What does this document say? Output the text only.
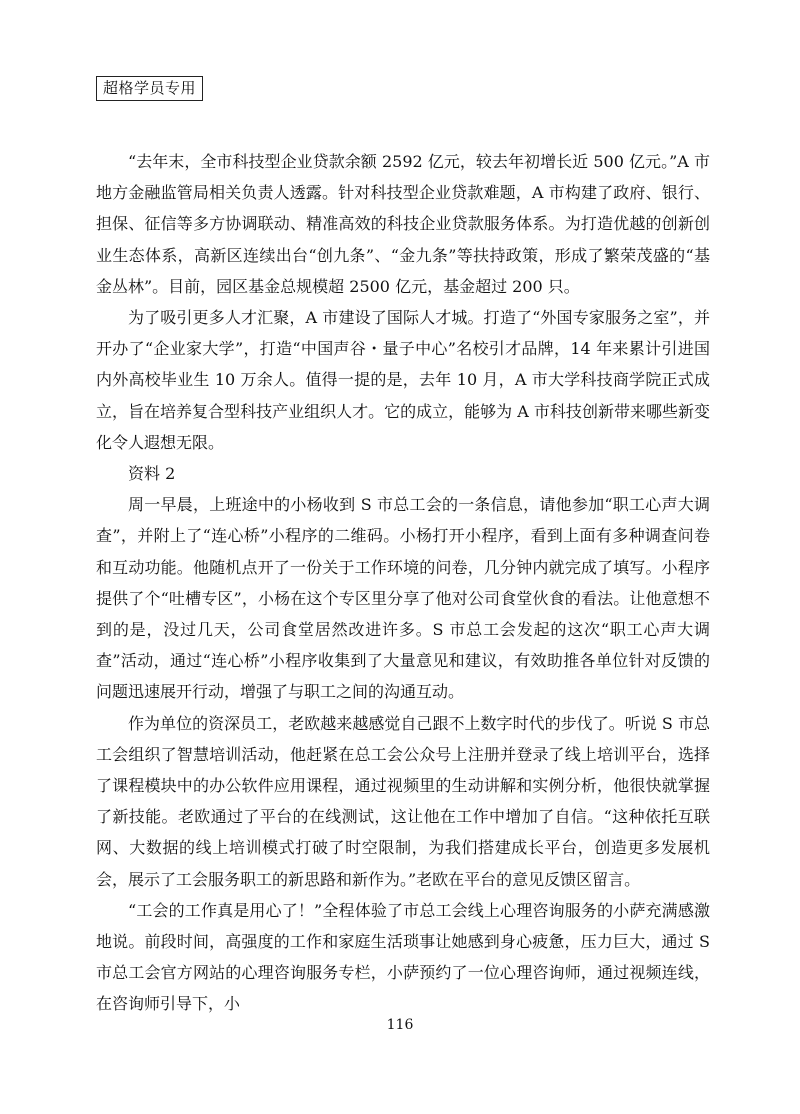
超格学员专用

“去年末，全市科技型企业贷款余额 2592 亿元，较去年初增长近 500 亿元。”A 市地方金融监管局相关负责人透露。针对科技型企业贷款难题，A 市构建了政府、银行、担保、征信等多方协调联动、精准高效的科技企业贷款服务体系。为打造优越的创新创业生态体系，高新区连续出台“创九条”、“金九条”等扶持政策，形成了繁荣茂盛的“基金丛林”。目前，园区基金总规模超 2500 亿元，基金超过 200 只。

为了吸引更多人才汇聚，A 市建设了国际人才城。打造了“外国专家服务之室”，并开办了“企业家大学”，打造“中国声谷・量子中心”名校引才品牌，14 年来累计引进国内外高校毕业生 10 万余人。值得一提的是，去年 10 月，A 市大学科技商学院正式成立，旨在培养复合型科技产业组织人才。它的成立，能够为 A 市科技创新带来哪些新变化令人遐想无限。

资料 2

周一早晨，上班途中的小杨收到 S 市总工会的一条信息，请他参加“职工心声大调查”，并附上了“连心桥”小程序的二维码。小杨打开小程序，看到上面有多种调查问卷和互动功能。他随机点开了一份关于工作环境的问卷，几分钟内就完成了填写。小程序提供了个“吐槽专区”，小杨在这个专区里分享了他对公司食堂伙食的看法。让他意想不到的是，没过几天，公司食堂居然改进许多。S 市总工会发起的这次“职工心声大调查”活动，通过“连心桥”小程序收集到了大量意见和建议，有效助推各单位针对反馈的问题迅速展开行动，增强了与职工之间的沟通互动。

作为单位的资深员工，老欧越来越感觉自己跟不上数字时代的步伐了。听说 S 市总工会组织了智慧培训活动，他赶紧在总工会公众号上注册并登录了线上培训平台，选择了课程模块中的办公软件应用课程，通过视频里的生动讲解和实例分析，他很快就掌握了新技能。老欧通过了平台的在线测试，这让他在工作中增加了自信。“这种依托互联网、大数据的线上培训模式打破了时空限制，为我们搭建成长平台，创造更多发展机会，展示了工会服务职工的新思路和新作为。”老欧在平台的意见反馈区留言。

“工会的工作真是用心了！”全程体验了市总工会线上心理咨询服务的小萨充满感激地说。前段时间，高强度的工作和家庭生活琐事让她感到身心疲惫，压力巨大，通过 S 市总工会官方网站的心理咨询服务专栏，小萨预约了一位心理咨询师，通过视频连线，在咨询师引导下，小

116
